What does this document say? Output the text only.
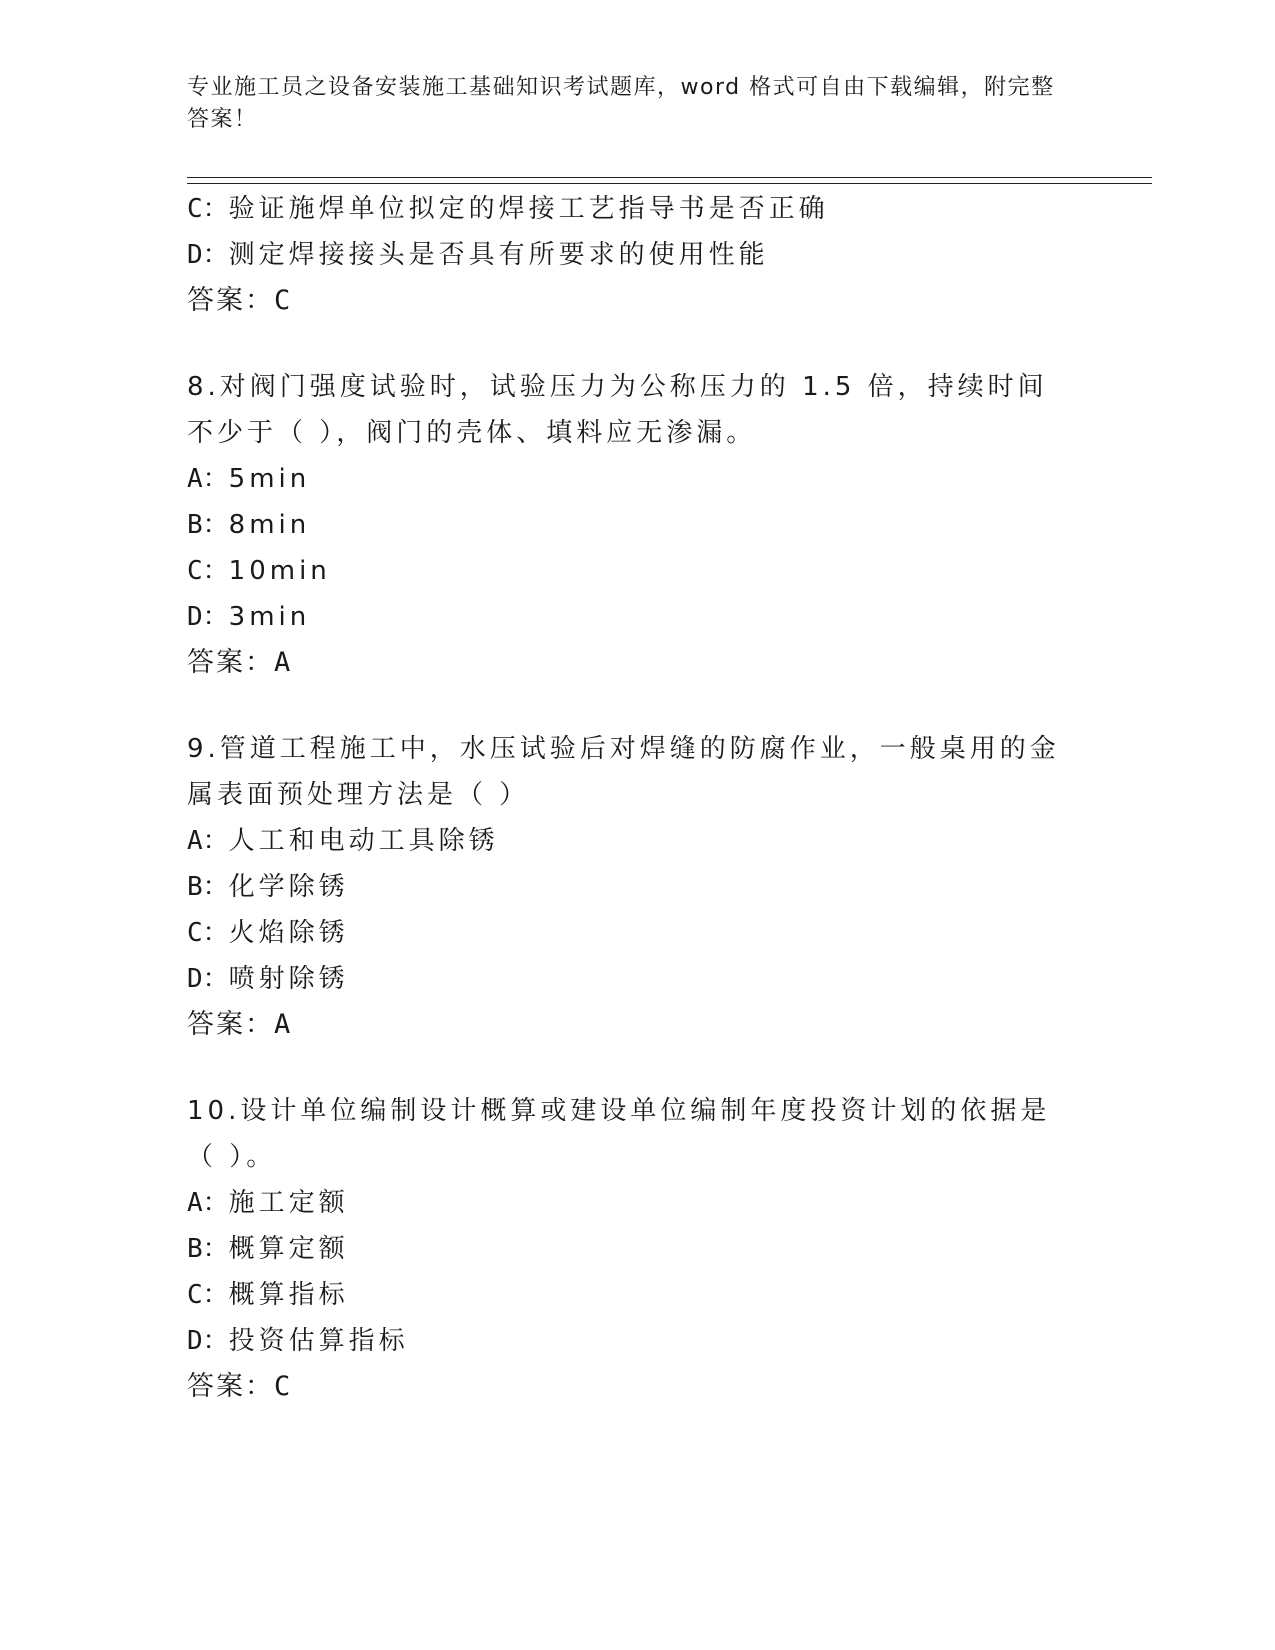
专业施工员之设备安装施工基础知识考试题库，word 格式可自由下载编辑，附完整答案！
C：验证施焊单位拟定的焊接工艺指导书是否正确
D：测定焊接接头是否具有所要求的使用性能
答案：C
8.对阀门强度试验时，试验压力为公称压力的 1.5 倍，持续时间不少于（ ），阀门的壳体、填料应无渗漏。
A：5min
B：8min
C：10min
D：3min
答案：A
9.管道工程施工中，水压试验后对焊缝的防腐作业，一般桌用的金属表面预处理方法是（ ）
A：人工和电动工具除锈
B：化学除锈
C：火焰除锈
D：喷射除锈
答案：A
10.设计单位编制设计概算或建设单位编制年度投资计划的依据是（ ）。
A：施工定额
B：概算定额
C：概算指标
D：投资估算指标
答案：C
